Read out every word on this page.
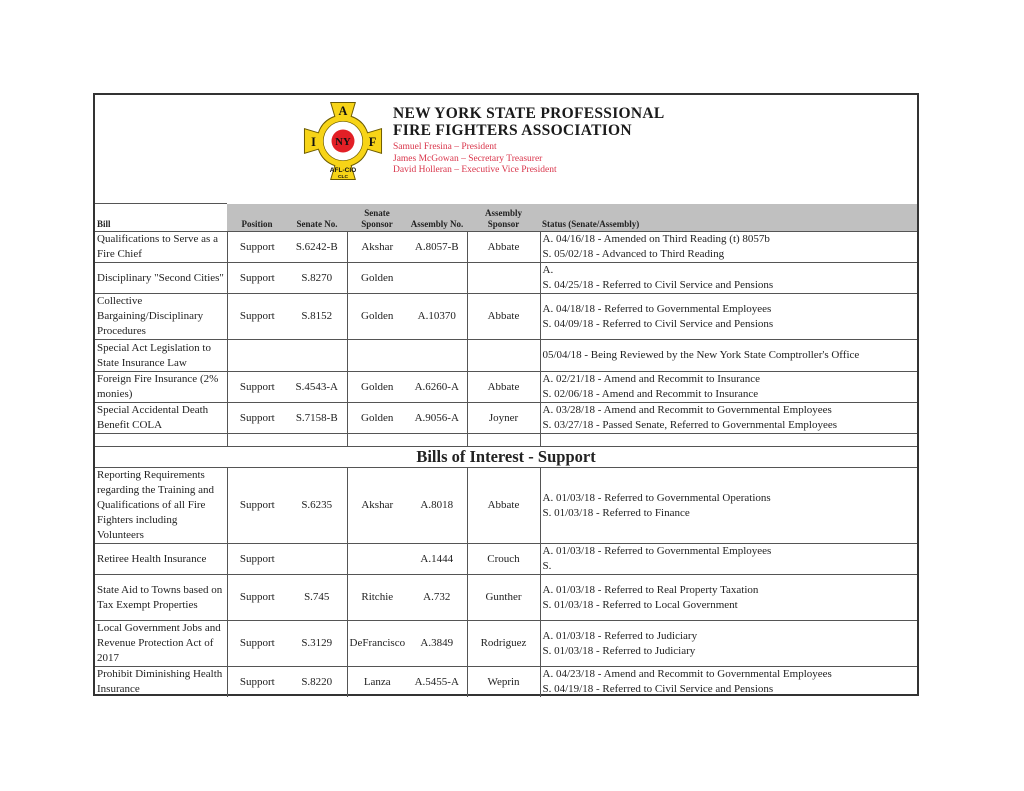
NY
A
I	F
AFL-CIO
CLC
NEW YORK STATE PROFESSIONAL
FIRE FIGHTERS ASSOCIATION
Samuel Fresina – President
James McGowan – Secretary Treasurer
David Holleran – Executive Vice President
Bill	Position	Senate No.	Senate Sponsor	Assembly No.	Assembly Sponsor	Status (Senate/Assembly)
Qualifications to Serve as a Fire Chief	Support	S.6242-B	Akshar	A.8057-B	Abbate	A. 04/16/18 - Amended on Third Reading (t) 8057b
S. 05/02/18 - Advanced to Third Reading

Disciplinary "Second Cities"	Support	S.8270	Golden			A.
S. 04/25/18 - Referred to Civil Service and Pensions

Collective Bargaining/Disciplinary Procedures	Support	S.8152	Golden	A.10370	Abbate	A. 04/18/18 - Referred to Governmental Employees
S. 04/09/18 - Referred to Civil Service and Pensions

Special Act Legislation to State Insurance Law						05/04/18 - Being Reviewed by the New York State Comptroller's Office

Foreign Fire Insurance (2% monies)	Support	S.4543-A	Golden	A.6260-A	Abbate	A. 02/21/18 - Amend and Recommit to Insurance
S. 02/06/18 - Amend and Recommit to Insurance

Special Accidental Death Benefit COLA	Support	S.7158-B	Golden	A.9056-A	Joyner	A. 03/28/18 - Amend and Recommit to Governmental Employees
S. 03/27/18 - Passed Senate, Referred to Governmental Employees

Bills of Interest - Support						
Reporting Requirements regarding the Training and Qualifications of all Fire Fighters including Volunteers	Support	S.6235	Akshar	A.8018	Abbate	A. 01/03/18 - Referred to Governmental Operations
S. 01/03/18 - Referred to Finance

Retiree Health Insurance	Support			A.1444	Crouch	A. 01/03/18 - Referred to Governmental Employees
S.

State Aid to Towns based on Tax Exempt Properties	Support	S.745	Ritchie	A.732	Gunther	A. 01/03/18 - Referred to Real Property Taxation
S. 01/03/18 - Referred to Local Government

Local Government Jobs and Revenue Protection Act of 2017	Support	S.3129	DeFrancisco	A.3849	Rodriguez	A. 01/03/18 - Referred to Judiciary
S. 01/03/18 - Referred to Judiciary

Prohibit Diminishing Health Insurance	Support	S.8220	Lanza	A.5455-A	Weprin	A. 04/23/18 - Amend and Recommit to Governmental Employees
S. 04/19/18 - Referred to Civil Service and Pensions
